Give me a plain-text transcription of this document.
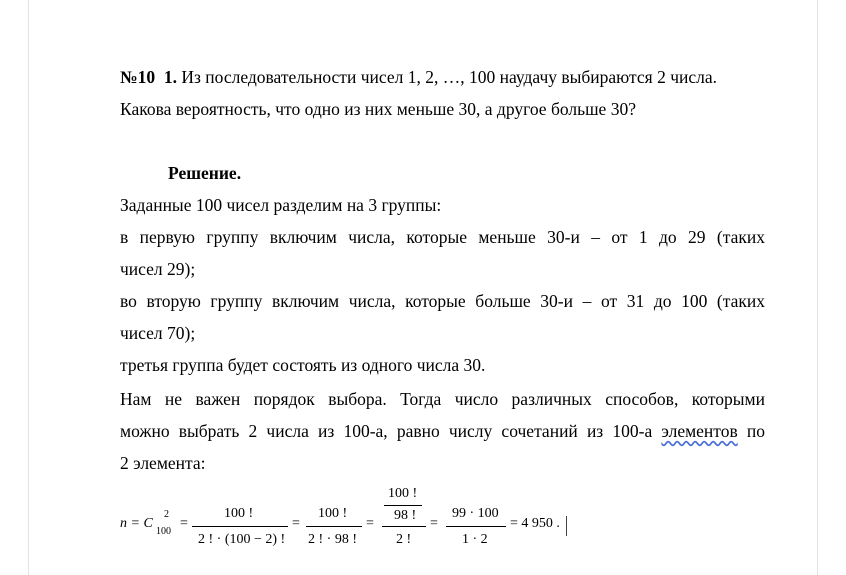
№10 1. Из последовательности чисел 1, 2, …, 100 наудачу выбираются 2 числа.
Какова вероятность, что одно из них меньше 30, а другое больше 30?
Решение.
Заданные 100 чисел разделим на 3 группы:
в первую группу включим числа, которые меньше 30-и – от 1 до 29 (таких
чисел 29);
во вторую группу включим числа, которые больше 30-и – от 31 до 100 (таких
чисел 70);
третья группа будет состоять из одного числа 30.
Нам не важен порядок выбора. Тогда число различных способов, которыми
можно выбрать 2 числа из 100-а, равно числу сочетаний из 100-а элементов по
2 элемента:
n = C
2
100
=
100 !
2 ! · (100 − 2) !
=
100 !
2 ! · 98 !
=
100 !
98 !
2 !
=
99 · 100
1 · 2
= 4 950 .
